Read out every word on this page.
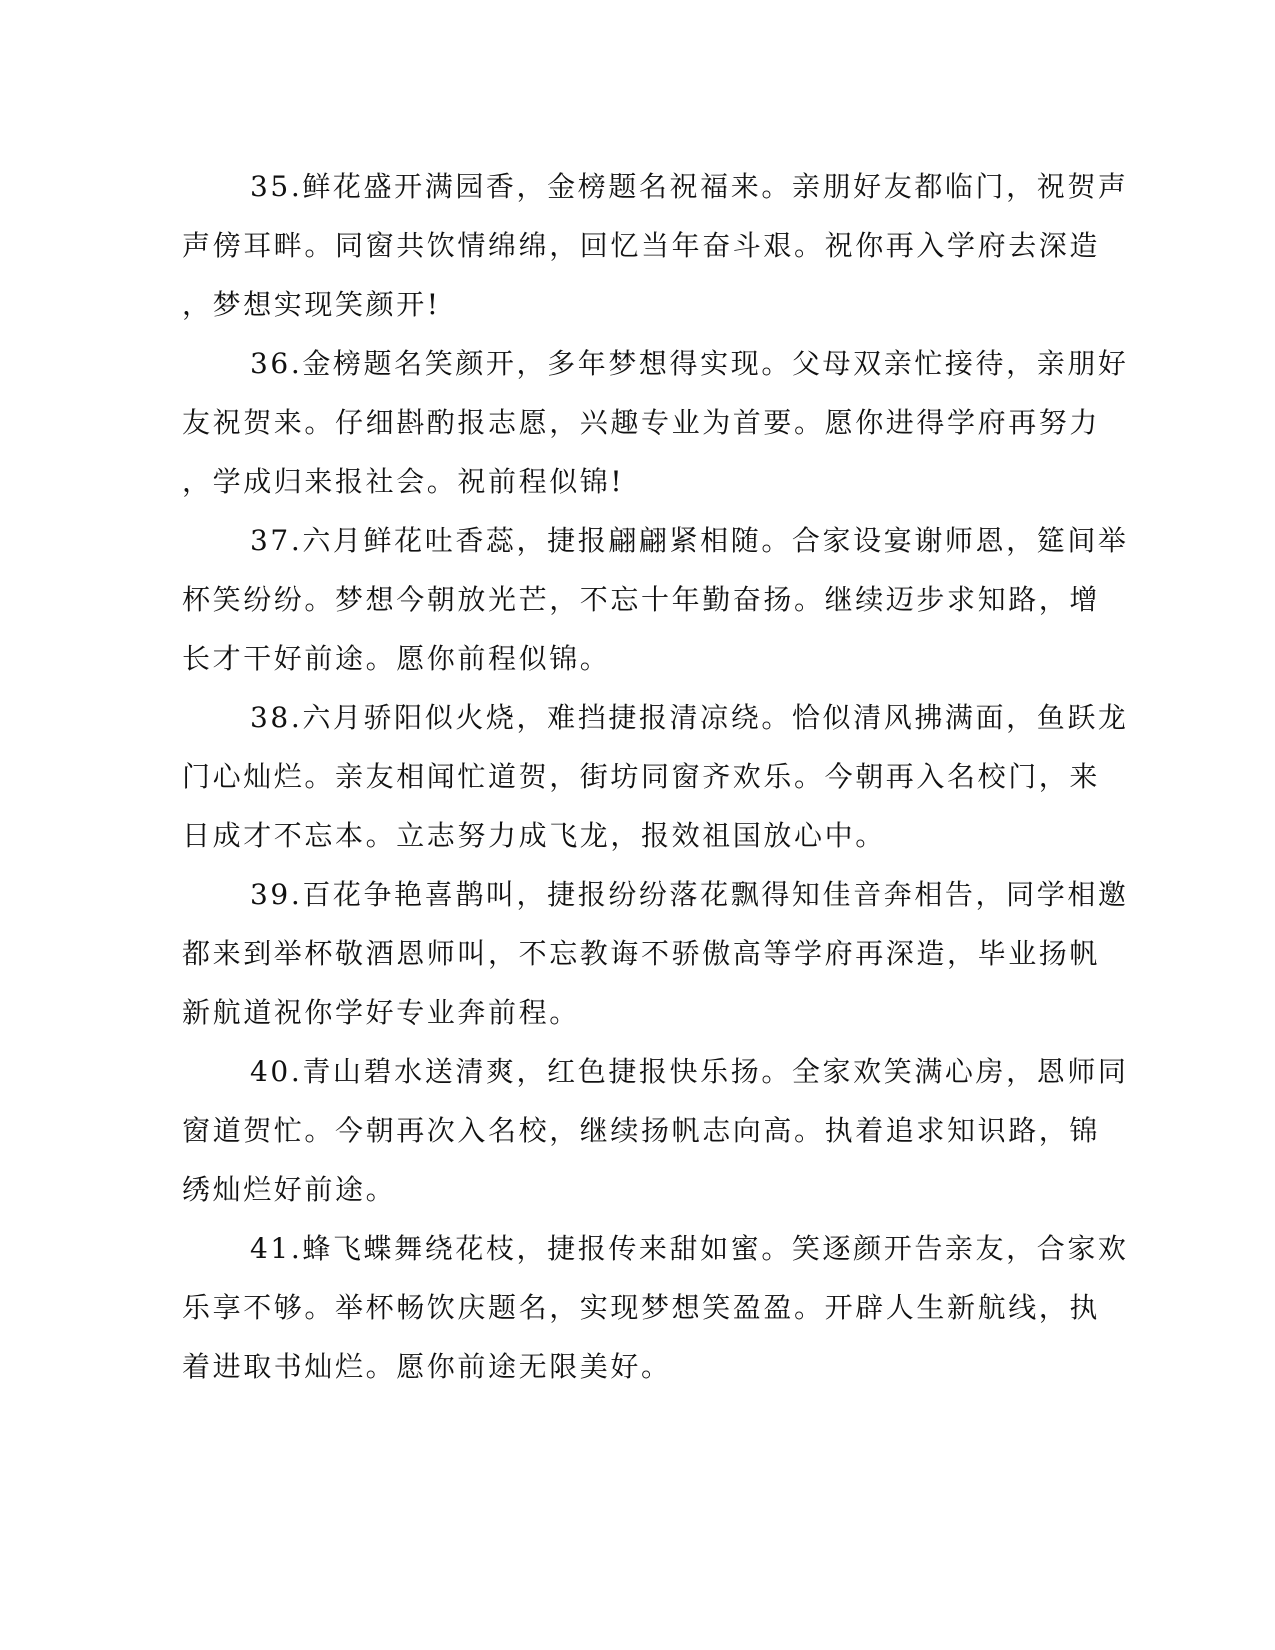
35.鲜花盛开满园香，金榜题名祝福来。亲朋好友都临门，祝贺声
声傍耳畔。同窗共饮情绵绵，回忆当年奋斗艰。祝你再入学府去深造
，梦想实现笑颜开!

36.金榜题名笑颜开，多年梦想得实现。父母双亲忙接待，亲朋好
友祝贺来。仔细斟酌报志愿，兴趣专业为首要。愿你进得学府再努力
，学成归来报社会。祝前程似锦!

37.六月鲜花吐香蕊，捷报翩翩紧相随。合家设宴谢师恩，筵间举
杯笑纷纷。梦想今朝放光芒，不忘十年勤奋扬。继续迈步求知路，增
长才干好前途。愿你前程似锦。

38.六月骄阳似火烧，难挡捷报清凉绕。恰似清风拂满面，鱼跃龙
门心灿烂。亲友相闻忙道贺，街坊同窗齐欢乐。今朝再入名校门，来
日成才不忘本。立志努力成飞龙，报效祖国放心中。

39.百花争艳喜鹊叫，捷报纷纷落花飘得知佳音奔相告，同学相邀
都来到举杯敬酒恩师叫，不忘教诲不骄傲高等学府再深造，毕业扬帆
新航道祝你学好专业奔前程。

40.青山碧水送清爽，红色捷报快乐扬。全家欢笑满心房，恩师同
窗道贺忙。今朝再次入名校，继续扬帆志向高。执着追求知识路，锦
绣灿烂好前途。

41.蜂飞蝶舞绕花枝，捷报传来甜如蜜。笑逐颜开告亲友，合家欢
乐享不够。举杯畅饮庆题名，实现梦想笑盈盈。开辟人生新航线，执
着进取书灿烂。愿你前途无限美好。
